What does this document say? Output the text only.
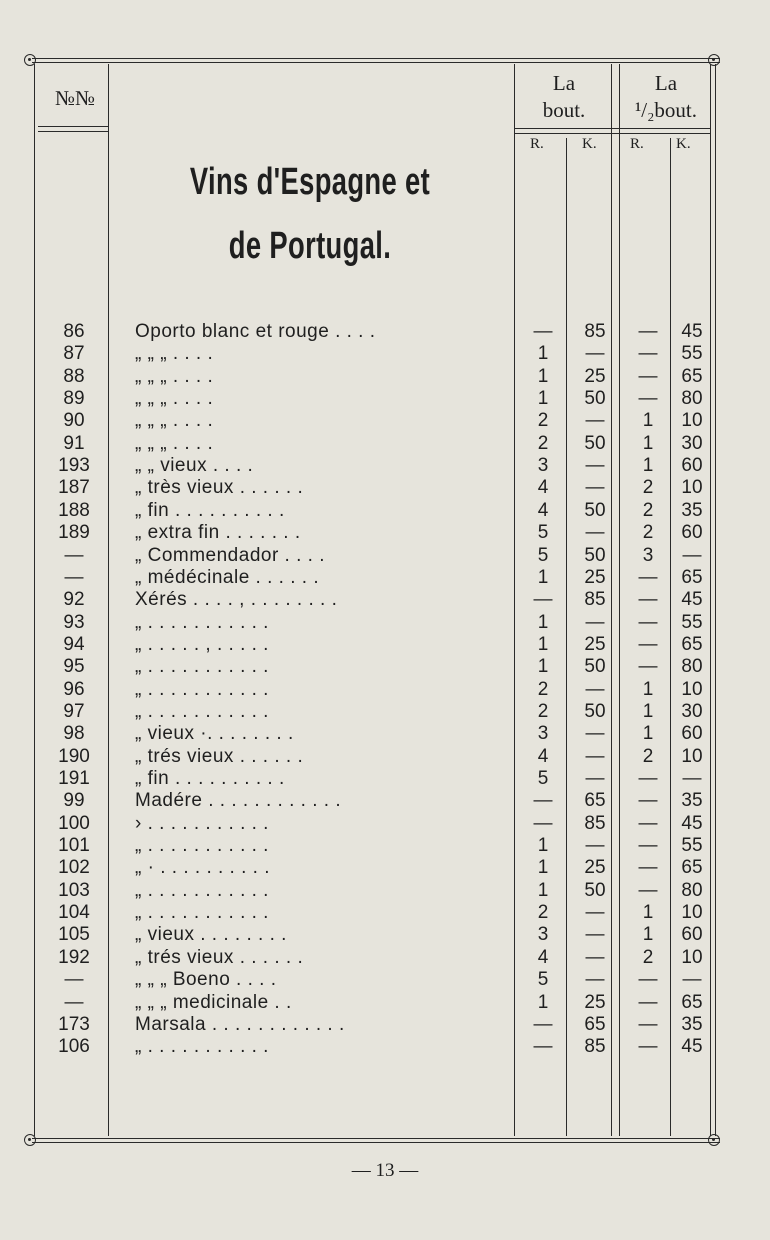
№№
La
bout.
La
¹/₂bout.
R.	K. R. K.
Vins d'Espagne et
de Portugal.
86	Oporto blanc et rouge . . . .	—	85	—	45
87	„ „ „ . . . .	1	—	—	55
88	„ „ „ . . . .	1	25	—	65
89	„ „ „ . . . .	1	50	—	80
90	„ „ „ . . . .	2	—	1	10
91	„ „ „ . . . .	2	50	1	30
193	„ „ vieux . . . .	3	—	1	60
187	„ très vieux . . . . . .	4	—	2	10
188	„ fin . . . . . . . . . .	4	50	2	35
189	„ extra fin . . . . . . .	5	—	2	60
—	„ Commendador . . . .	5	50	3	—
—	„ médécinale . . . . . .	1	25	—	65
92	Xérés . . . . , . . . . . . . .	—	85	—	45
93	„ . . . . . . . . . . .	1	—	—	55
94	„ . . . . . , . . . . .	1	25	—	65
95	„ . . . . . . . . . . .	1	50	—	80
96	„ . . . . . . . . . . .	2	—	1	10
97	„ . . . . . . . . . . .	2	50	1	30
98	„ vieux ·. . . . . . . .	3	—	1	60
190	„ trés vieux . . . . . .	4	—	2	10
191	„ fin . . . . . . . . . .	5	—	—	—
99	Madére . . . . . . . . . . . .	—	65	—	35
100	› . . . . . . . . . . .	—	85	—	45
101	„ . . . . . . . . . . .	1	—	—	55
102	„ · . . . . . . . . . .	1	25	—	65
103	„ . . . . . . . . . . .	1	50	—	80
104	„ . . . . . . . . . . .	2	—	1	10
105	„ vieux . . . . . . . .	3	—	1	60
192	„ trés vieux . . . . . .	4	—	2	10
—	„ „ „ Boeno . . . .	5	—	—	—
—	„ „ „ medicinale . .	1	25	—	65
173	Marsala . . . . . . . . . . . .	—	65	—	35
106	„ . . . . . . . . . . .	—	85	—	45
— 13 —
